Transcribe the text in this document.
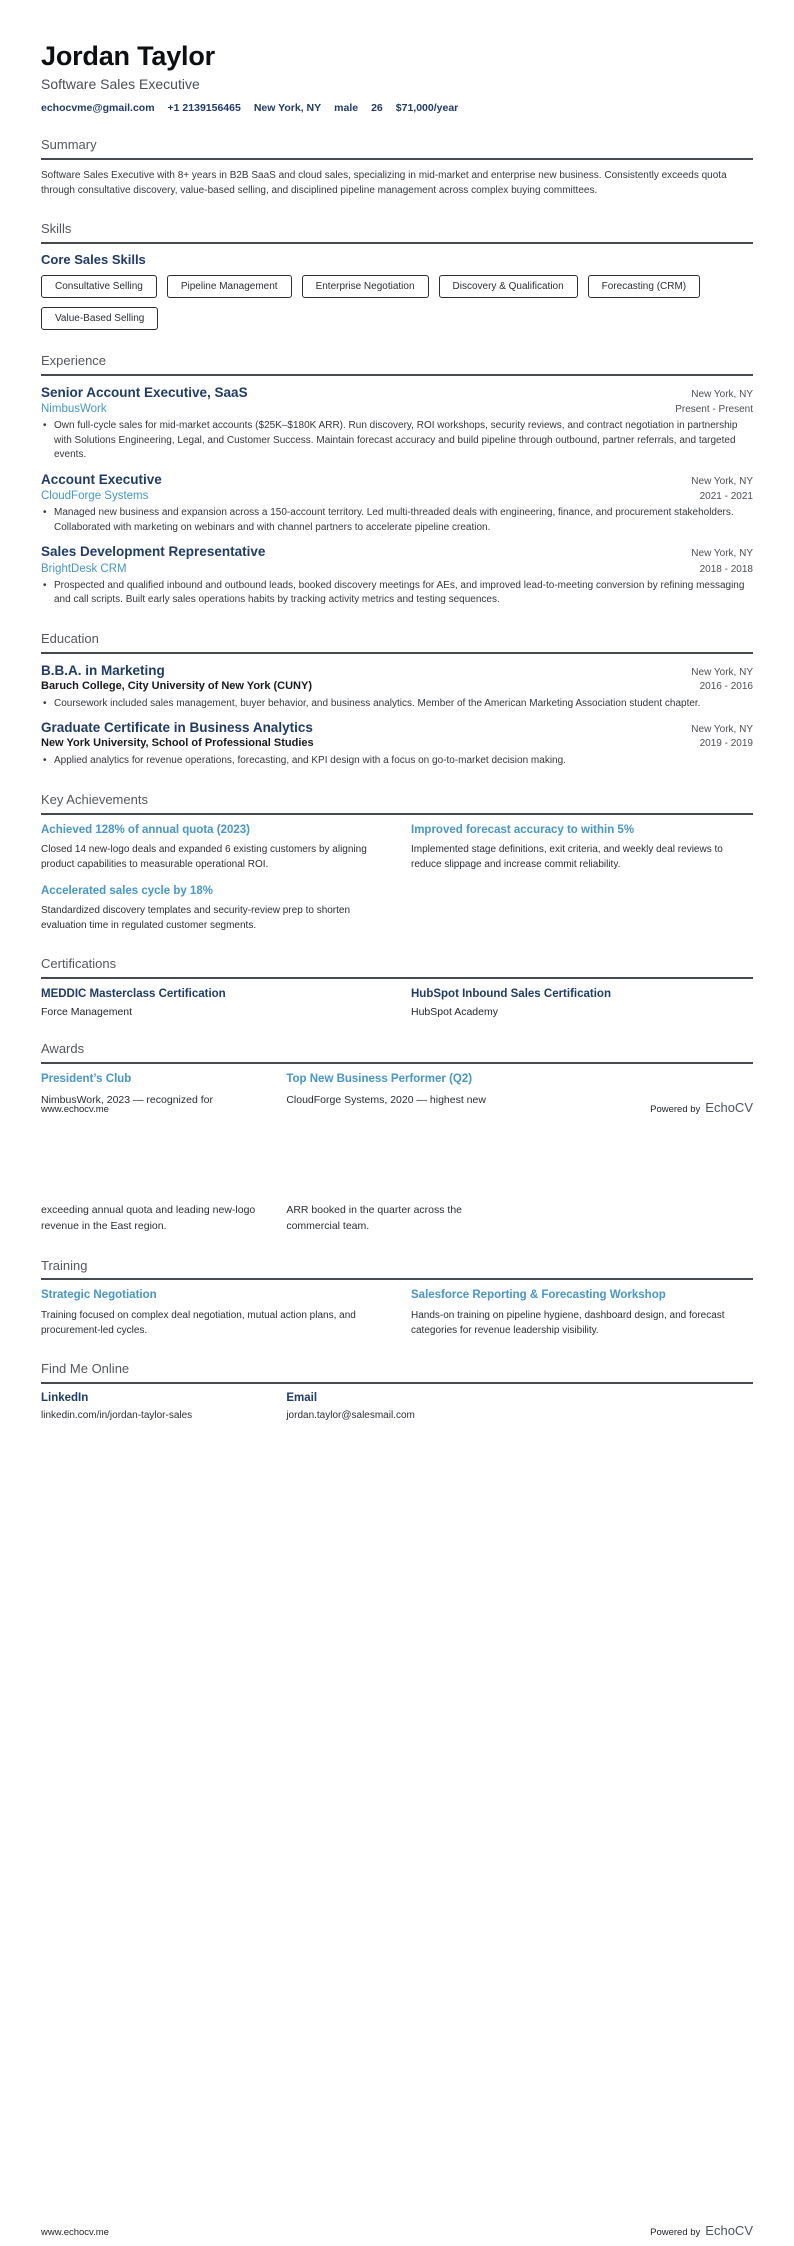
Jordan Taylor
Software Sales Executive
echocvme@gmail.com +1 2139156465 New York, NY male 26 $71,000/year
Summary

Software Sales Executive with 8+ years in B2B SaaS and cloud sales, specializing in mid-market and enterprise new business. Consistently exceeds quota through consultative discovery, value-based selling, and disciplined pipeline management across complex buying committees.

Skills
Core Sales Skills
Consultative Selling	Pipeline Management	Enterprise Negotiation	Discovery & Qualification	Forecasting (CRM)
Value-Based Selling
Experience
Senior Account Executive, SaaS	New York, NY
NimbusWork	Present - Present
• Own full-cycle sales for mid-market accounts ($25K–$180K ARR). Run discovery, ROI workshops, security reviews, and contract negotiation in partnership with Solutions Engineering, Legal, and Customer Success. Maintain forecast accuracy and build pipeline through outbound, partner referrals, and targeted events.
Account Executive	New York, NY
CloudForge Systems	2021 - 2021
• Managed new business and expansion across a 150-account territory. Led multi-threaded deals with engineering, finance, and procurement stakeholders. Collaborated with marketing on webinars and with channel partners to accelerate pipeline creation.
Sales Development Representative	New York, NY
BrightDesk CRM	2018 - 2018
• Prospected and qualified inbound and outbound leads, booked discovery meetings for AEs, and improved lead-to-meeting conversion by refining messaging and call scripts. Built early sales operations habits by tracking activity metrics and testing sequences.
Education
B.B.A. in Marketing	New York, NY
Baruch College, City University of New York (CUNY)	2016 - 2016
• Coursework included sales management, buyer behavior, and business analytics. Member of the American Marketing Association student chapter.
Graduate Certificate in Business Analytics	New York, NY
New York University, School of Professional Studies	2019 - 2019
• Applied analytics for revenue operations, forecasting, and KPI design with a focus on go-to-market decision making.
Key Achievements
Achieved 128% of annual quota (2023)
Closed 14 new-logo deals and expanded 6 existing customers by aligning product capabilities to measurable operational ROI.
Improved forecast accuracy to within 5%
Implemented stage definitions, exit criteria, and weekly deal reviews to reduce slippage and increase commit reliability.
Accelerated sales cycle by 18%
Standardized discovery templates and security-review prep to shorten evaluation time in regulated customer segments.
Certifications
MEDDIC Masterclass Certification
Force Management
HubSpot Inbound Sales Certification
HubSpot Academy
Awards
President’s Club
NimbusWork, 2023 — recognized for
Top New Business Performer (Q2)
CloudForge Systems, 2020 — highest new
www.echocv.me	Powered by EchoCV
exceeding annual quota and leading new-logo revenue in the East region.
ARR booked in the quarter across the commercial team.
Training
Strategic Negotiation
Training focused on complex deal negotiation, mutual action plans, and procurement-led cycles.
Salesforce Reporting & Forecasting Workshop
Hands-on training on pipeline hygiene, dashboard design, and forecast categories for revenue leadership visibility.
Find Me Online
LinkedIn
linkedin.com/in/jordan-taylor-sales
Email
jordan.taylor@salesmail.com
www.echocv.me	Powered by EchoCV
